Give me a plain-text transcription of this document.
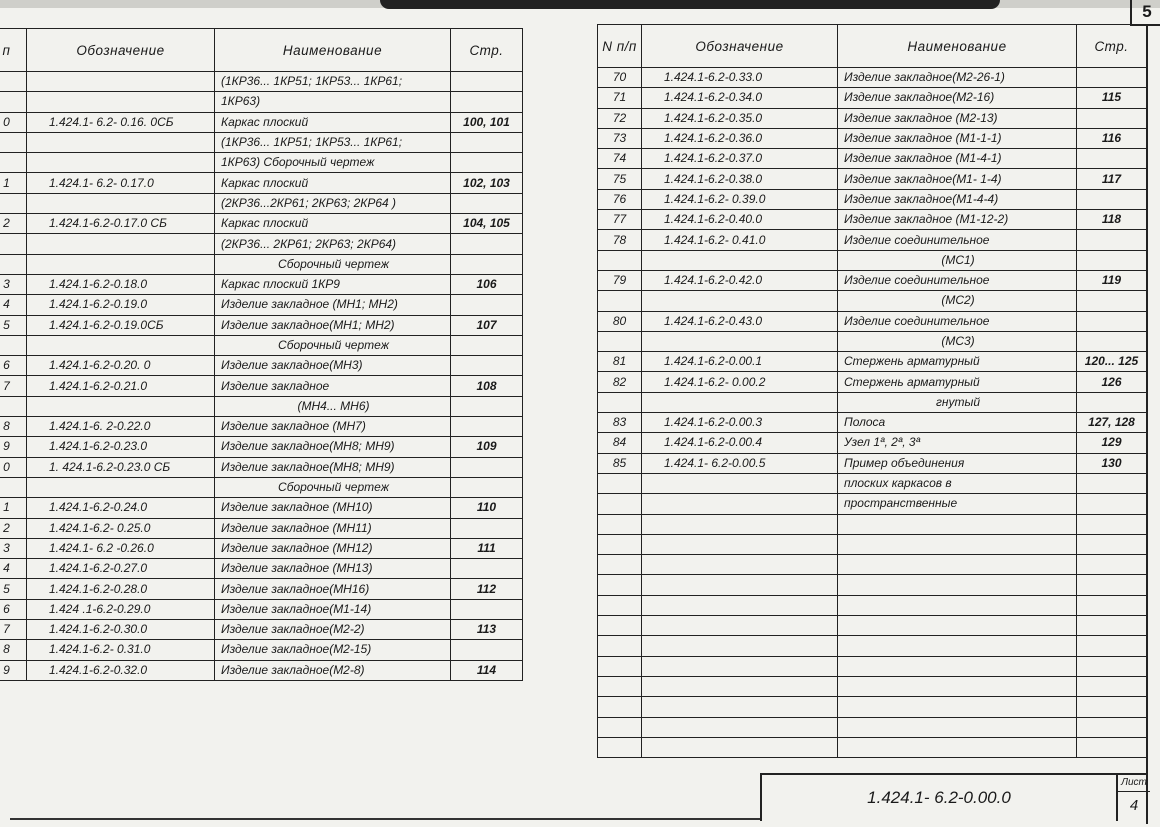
5
п	Обозначение	Наименование	Стр.
		(1КР36... 1КР51; 1КР53... 1КР61;	
		1КР63)	
0	1.424.1- 6.2- 0.16. 0СБ	Каркас плоский	100, 101
		(1КР36... 1КР51; 1КР53... 1КР61;	
		1КР63) Сборочный чертеж	
1	1.424.1- 6.2- 0.17.0	Каркас плоский	102, 103
		(2КР36...2КР61; 2КР63; 2КР64 )	
2	1.424.1-6.2-0.17.0 СБ	Каркас плоский	104, 105
		(2КР36... 2КР61; 2КР63; 2КР64)	
		Сборочный чертеж	
3	1.424.1-6.2-0.18.0	Каркас плоский 1КР9	106
4	1.424.1-6.2-0.19.0	Изделие закладное (МН1; МН2)	
5	1.424.1-6.2-0.19.0СБ	Изделие закладное(МН1; МН2)	107
		Сборочный чертеж	
6	1.424.1-6.2-0.20. 0	Изделие закладное(МН3)	
7	1.424.1-6.2-0.21.0	Изделие закладное	108
		(МН4... МН6)	
8	1.424.1-6. 2-0.22.0	Изделие закладное (МН7)	
9	1.424.1-6.2-0.23.0	Изделие закладное(МН8; МН9)	109
0	1. 424.1-6.2-0.23.0 СБ	Изделие закладное(МН8; МН9)	
		Сборочный чертеж	
1	1.424.1-6.2-0.24.0	Изделие закладное (МН10)	110
2	1.424.1-6.2- 0.25.0	Изделие закладное (МН11)	
3	1.424.1- 6.2 -0.26.0	Изделие закладное (МН12)	111
4	1.424.1-6.2-0.27.0	Изделие закладное (МН13)	
5	1.424.1-6.2-0.28.0	Изделие закладное(МН16)	112
6	1.424 .1-6.2-0.29.0	Изделие закладное(М1-14)	
7	1.424.1-6.2-0.30.0	Изделие закладное(М2-2)	113
8	1.424.1-6.2- 0.31.0	Изделие закладное(М2-15)	
9	1.424.1-6.2-0.32.0	Изделие закладное(М2-8)	114
N п/п	Обозначение	Наименование	Стр.
70	1.424.1-6.2-0.33.0	Изделие закладное(М2-26-1)	
71	1.424.1-6.2-0.34.0	Изделие закладное(М2-16)	115
72	1.424.1-6.2-0.35.0	Изделие закладное (М2-13)	
73	1.424.1-6.2-0.36.0	Изделие закладное (М1-1-1)	116
74	1.424.1-6.2-0.37.0	Изделие закладное (М1-4-1)	
75	1.424.1-6.2-0.38.0	Изделие закладное(М1- 1-4)	117
76	1.424.1-6.2- 0.39.0	Изделие закладное(М1-4-4)	
77	1.424.1-6.2-0.40.0	Изделие закладное (М1-12-2)	118
78	1.424.1-6.2- 0.41.0	Изделие соединительное	
		(МС1)	
79	1.424.1-6.2-0.42.0	Изделие соединительное	119
		(МС2)	
80	1.424.1-6.2-0.43.0	Изделие соединительное	
		(МС3)	
81	1.424.1-6.2-0.00.1	Стержень арматурный	120... 125
82	1.424.1-6.2- 0.00.2	Стержень арматурный	126
		гнутый	
83	1.424.1-6.2-0.00.3	Полоса	127, 128
84	1.424.1-6.2-0.00.4	Узел 1ª, 2ª, 3ª	129
85	1.424.1- 6.2-0.00.5	Пример объединения	130
		плоских каркасов в	
		пространственные	

1.424.1- 6.2-0.00.0
Лист
4
